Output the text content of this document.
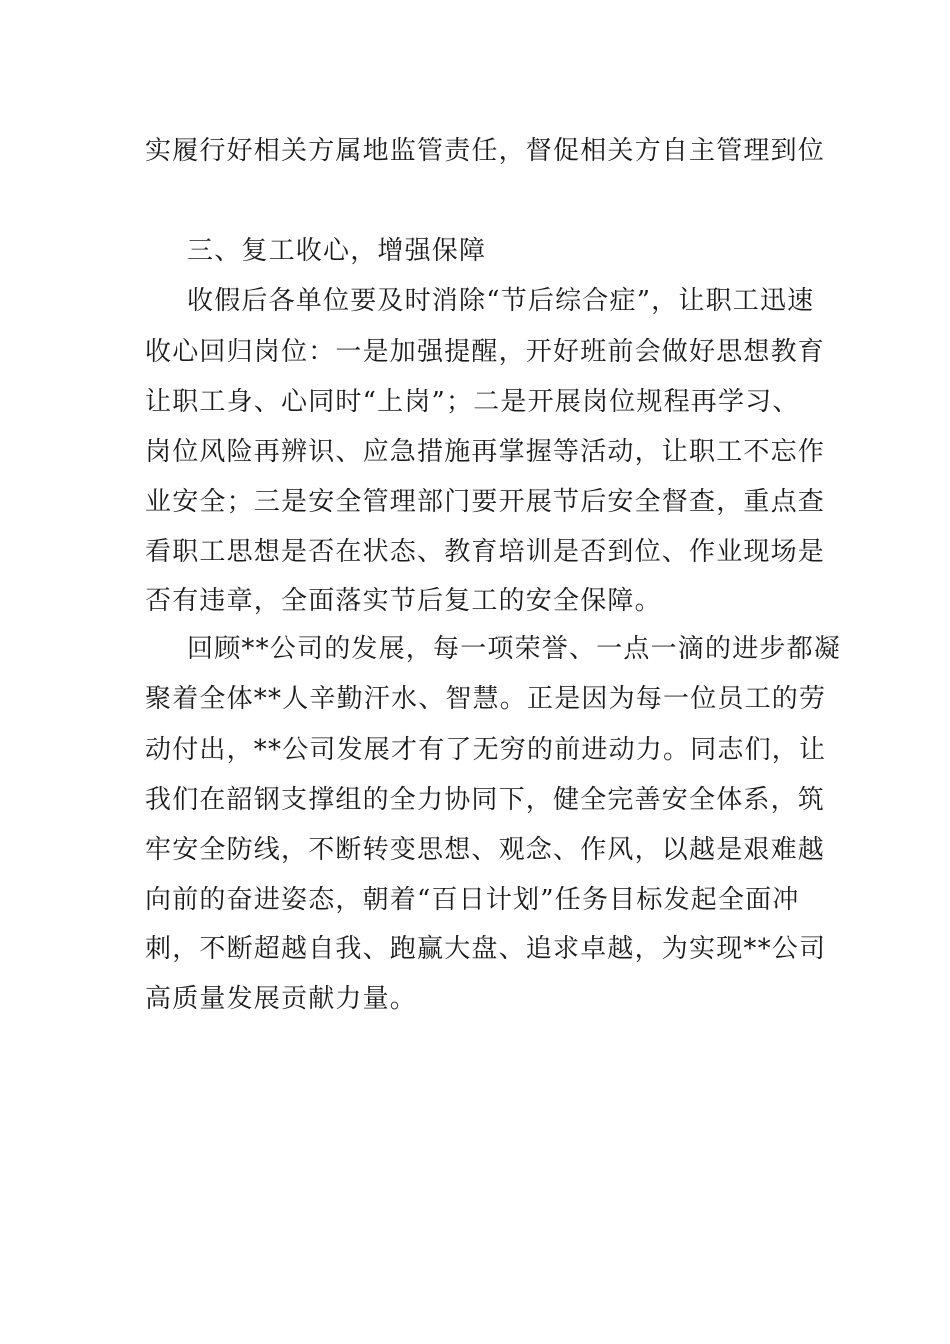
实履行好相关方属地监管责任，督促相关方自主管理到位
三、复工收心，增强保障
收假后各单位要及时消除“节后综合症”，让职工迅速
收心回归岗位：一是加强提醒，开好班前会做好思想教育
让职工身、心同时“上岗”；二是开展岗位规程再学习、
岗位风险再辨识、应急措施再掌握等活动，让职工不忘作
业安全；三是安全管理部门要开展节后安全督查，重点查
看职工思想是否在状态、教育培训是否到位、作业现场是
否有违章，全面落实节后复工的安全保障。
回顾**公司的发展，每一项荣誉、一点一滴的进步都凝
聚着全体**人辛勤汗水、智慧。正是因为每一位员工的劳
动付出，**公司发展才有了无穷的前进动力。同志们，让
我们在韶钢支撑组的全力协同下，健全完善安全体系，筑
牢安全防线，不断转变思想、观念、作风，以越是艰难越
向前的奋进姿态，朝着“百日计划”任务目标发起全面冲
刺，不断超越自我、跑赢大盘、追求卓越，为实现**公司
高质量发展贡献力量。
